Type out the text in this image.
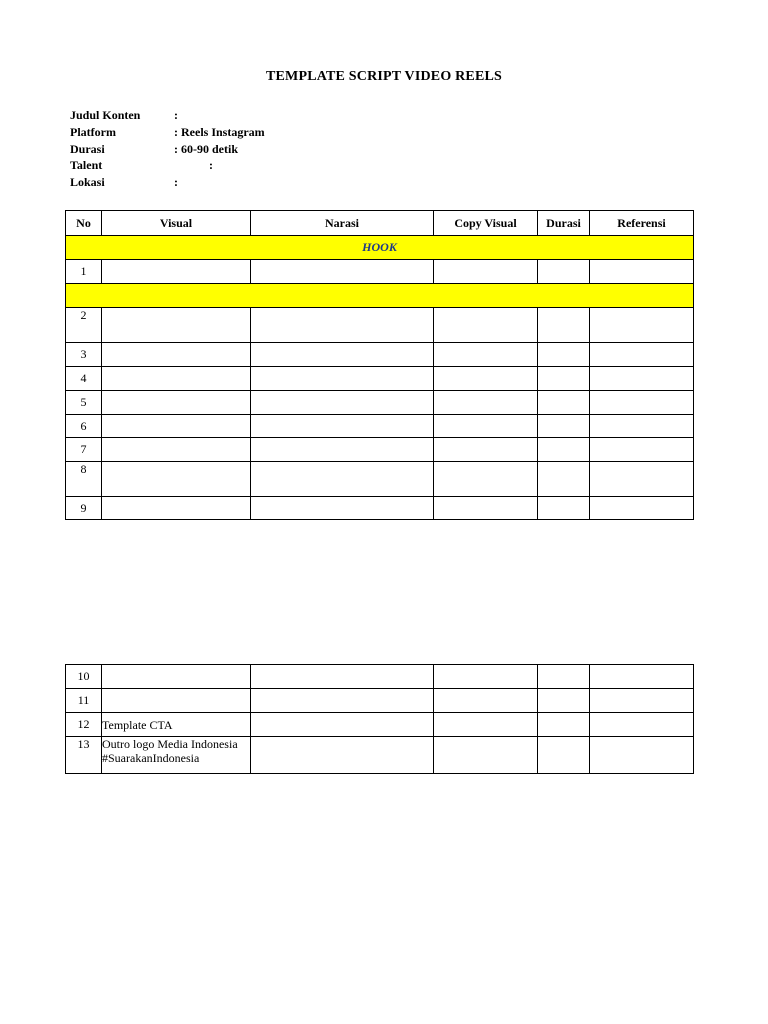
TEMPLATE SCRIPT VIDEO REELS
Judul Konten	:
Platform	: Reels Instagram
Durasi	: 60-90 detik
Talent	:
Lokasi	:
No	Visual	Narasi	Copy Visual	Durasi	Referensi
HOOK					
1					

2					
3					
4					
5					
6					
7					
8					
9					
10					
11					
12	Template CTA				
13	Outro logo Media Indonesia
#SuarakanIndonesia				
